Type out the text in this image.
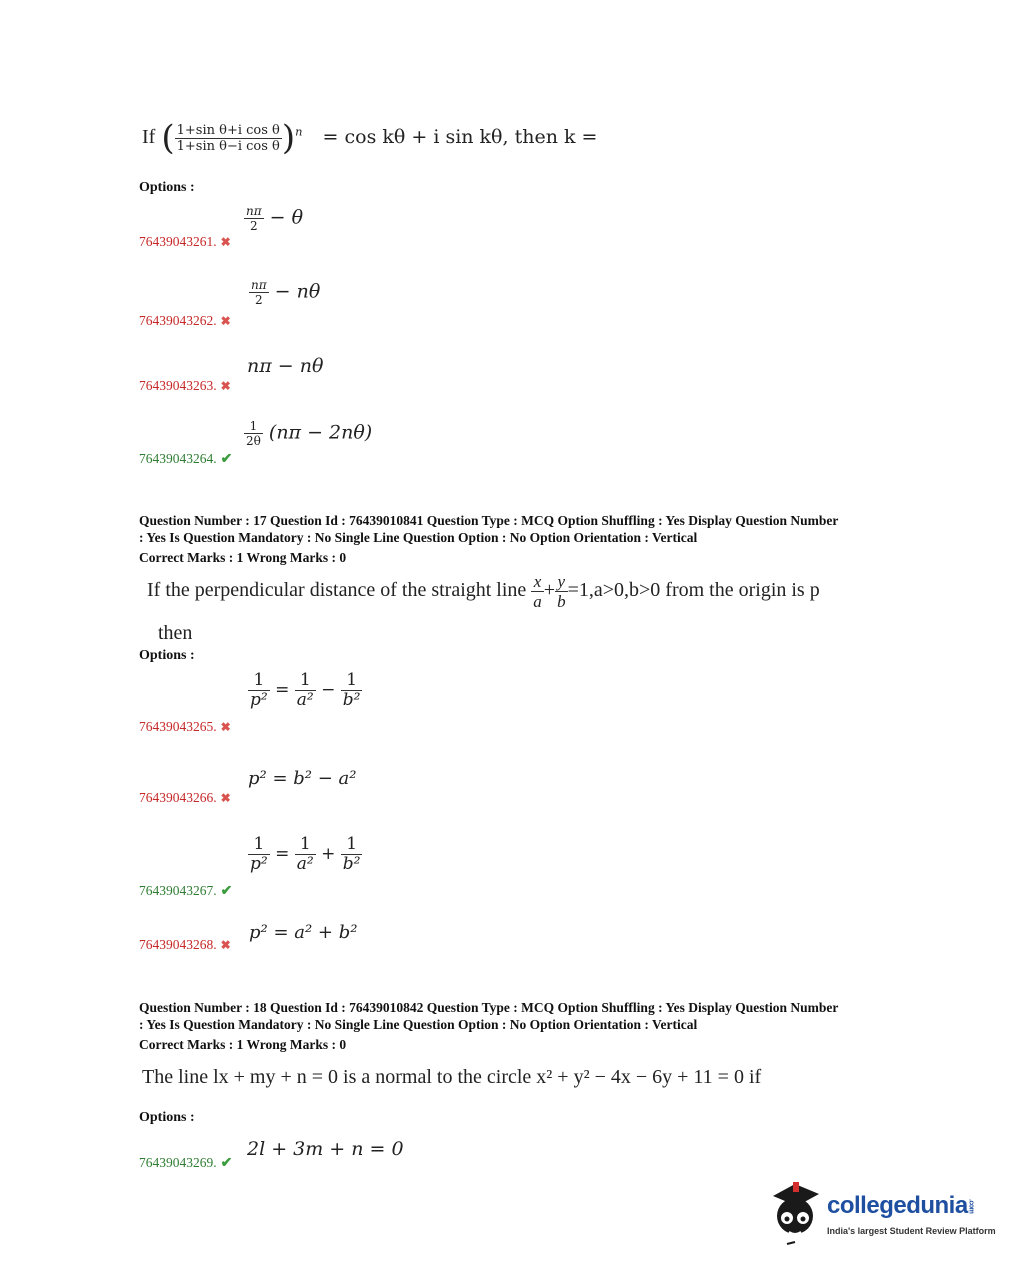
If ( $\frac{\text{1+sin θ+i cos θ}}{\text{1+sin θ−i cos θ}} )^n = \cos k\theta + i$ sin kθ, then k =
Options :
$\frac{n\pi}{2} - \theta$
76439043261. ✖
$\frac{n\pi}{2} - n\theta$
76439043262. ✖
nπ − nθ
76439043263. ✖
$\frac{1}{2\theta} (n\pi - 2n\theta)$
76439043264. ✔
Question Number : 17 Question Id : 76439010841 Question Type : MCQ Option Shuffling : Yes Display Question Number
: Yes Is Question Mandatory : No Single Line Question Option : No Option Orientation : Vertical
Correct Marks : 1 Wrong Marks : 0
If the perpendicular distance of the straight line $\frac{x}{a} + \frac{y}{b} =1,a>0,b>0$ from the origin is p
then
Options :
$\frac{1}{\text{p²}} = \frac{1}{\text{a²}} - \frac{1}{\text{b²}}$
76439043265. ✖
p² = b² − a²
76439043266. ✖
$\frac{1}{\text{p²}} = \frac{1}{\text{a²}} + \frac{1}{\text{b²}}$
76439043267. ✔
76439043268. ✖
p² = a² + b²
Question Number : 18 Question Id : 76439010842 Question Type : MCQ Option Shuffling : Yes Display Question Number
: Yes Is Question Mandatory : No Single Line Question Option : No Option Orientation : Vertical
Correct Marks : 1 Wrong Marks : 0
The line lx + my + n = 0 is a normal to the circle x² + y² − 4x − 6y + 11 = 0 if
Options :
2l + 3m + n = 0
76439043269. ✔
collegedunia.com
India's largest Student Review Platform
